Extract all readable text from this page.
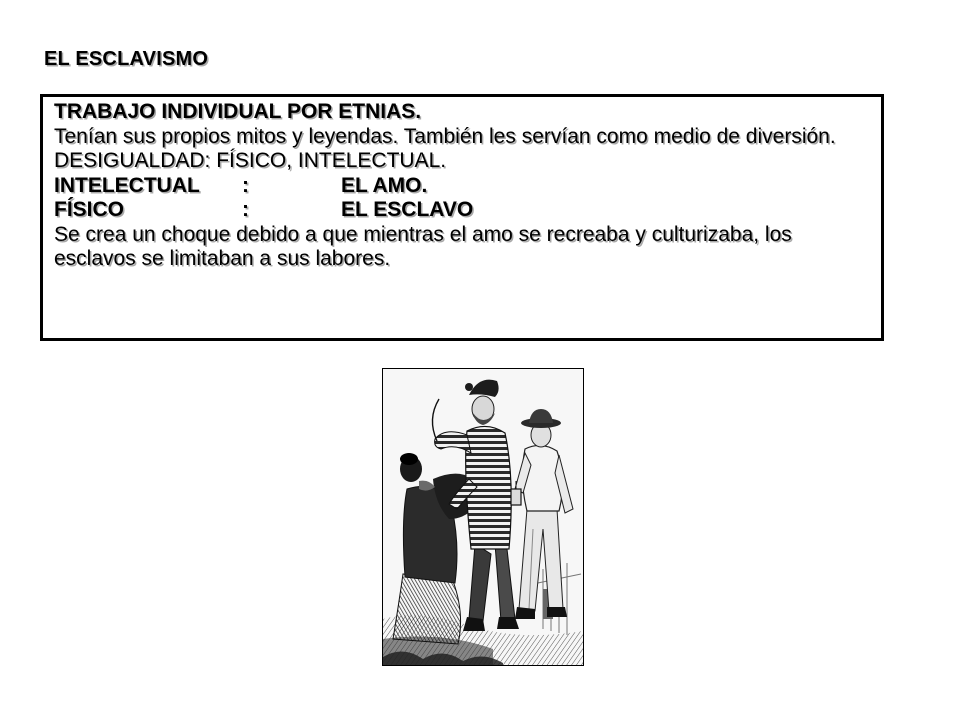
EL ESCLAVISMO
TRABAJO INDIVIDUAL POR ETNIAS.
Tenían sus propios mitos y leyendas. También les servían como medio de diversión.
DESIGUALDAD: FÍSICO, INTELECTUAL.
INTELECTUAL :	EL AMO.
FÍSICO	:	EL ESCLAVO
Se crea un choque debido a que mientras el amo se recreaba y culturizaba, los esclavos se limitaban a sus labores.
